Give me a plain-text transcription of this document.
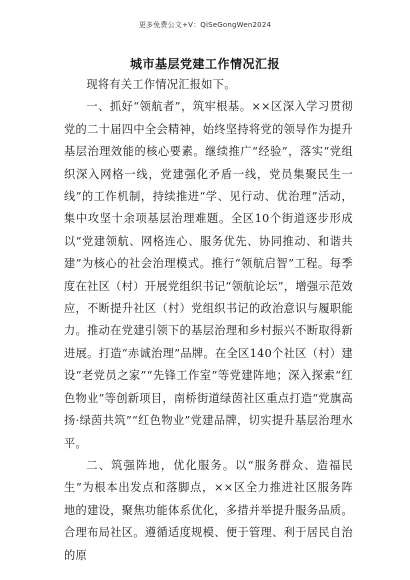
更多免费公文+V：QiSeGongWen2024
城市基层党建工作情况汇报

现将有关工作情况汇报如下。

一、抓好“领航者”，筑牢根基。××区深入学习贯彻党的二十届四中全会精神，始终坚持将党的领导作为提升基层治理效能的核心要素。继续推广“经验”，落实“党组织深入网格一线，党建强化矛盾一线，党员集聚民生一线”的工作机制，持续推进“学、见行动、优治理”活动，集中攻坚十余项基层治理难题。全区10个街道逐步形成以“党建领航、网格连心、服务优先、协同推动、和谐共建”为核心的社会治理模式。推行“领航启智”工程。每季度在社区（村）开展党组织书记“领航论坛”，增强示范效应，不断提升社区（村）党组织书记的政治意识与履职能力。推动在党建引领下的基层治理和乡村振兴不断取得新进展。打造“赤诚治理”品牌。在全区140个社区（村）建设“老党员之家”“先锋工作室”等党建阵地；深入探索“红色物业”等创新项目，南桥街道绿茵社区重点打造“党旗高扬·绿茵共筑”“红色物业”党建品牌，切实提升基层治理水平。

二、筑强阵地，优化服务。以“服务群众、造福民生”为根本出发点和落脚点，××区全力推进社区服务阵地的建设，聚焦功能体系优化，多措并举提升服务品质。合理布局社区。遵循适度规模、便于管理、利于居民自治的原
